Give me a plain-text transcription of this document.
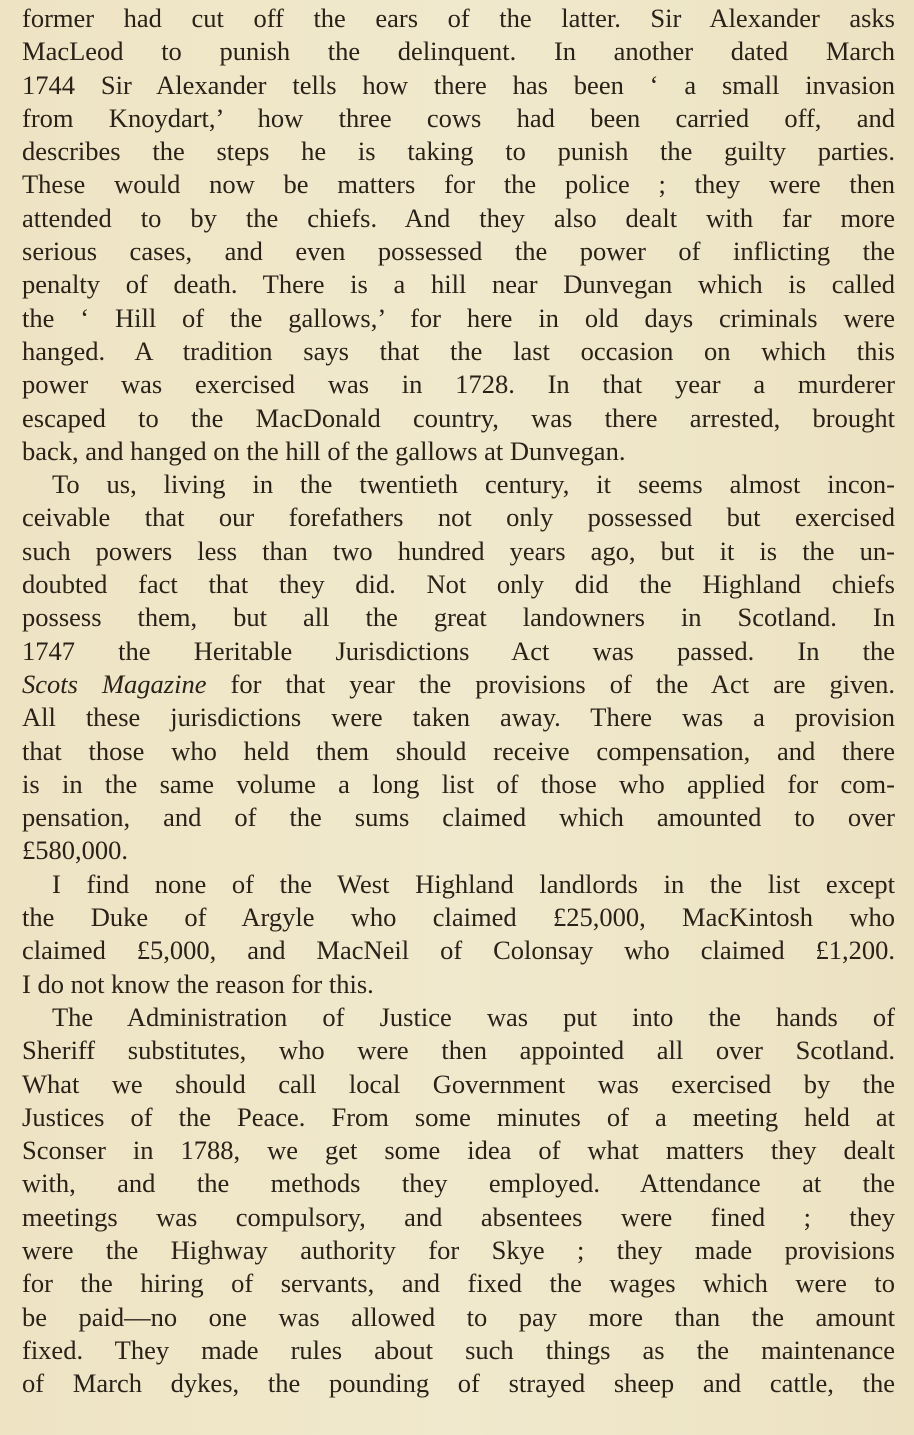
former had cut off the ears of the latter. Sir Alexander asks
MacLeod to punish the delinquent. In another dated March
1744 Sir Alexander tells how there has been ‘ a small invasion
from Knoydart,’ how three cows had been carried off, and
describes the steps he is taking to punish the guilty parties.
These would now be matters for the police ; they were then
attended to by the chiefs. And they also dealt with far more
serious cases, and even possessed the power of inflicting the
penalty of death. There is a hill near Dunvegan which is called
the ‘ Hill of the gallows,’ for here in old days criminals were
hanged. A tradition says that the last occasion on which this
power was exercised was in 1728. In that year a murderer
escaped to the MacDonald country, was there arrested, brought
back, and hanged on the hill of the gallows at Dunvegan.
To us, living in the twentieth century, it seems almost incon-
ceivable that our forefathers not only possessed but exercised
such powers less than two hundred years ago, but it is the un-
doubted fact that they did. Not only did the Highland chiefs
possess them, but all the great landowners in Scotland. In
1747 the Heritable Jurisdictions Act was passed. In the
Scots Magazine for that year the provisions of the Act are given.
All these jurisdictions were taken away. There was a provision
that those who held them should receive compensation, and there
is in the same volume a long list of those who applied for com-
pensation, and of the sums claimed which amounted to over
£580,000.
I find none of the West Highland landlords in the list except
the Duke of Argyle who claimed £25,000, MacKintosh who
claimed £5,000, and MacNeil of Colonsay who claimed £1,200.
I do not know the reason for this.
The Administration of Justice was put into the hands of
Sheriff substitutes, who were then appointed all over Scotland.
What we should call local Government was exercised by the
Justices of the Peace. From some minutes of a meeting held at
Sconser in 1788, we get some idea of what matters they dealt
with, and the methods they employed. Attendance at the
meetings was compulsory, and absentees were fined ; they
were the Highway authority for Skye ; they made provisions
for the hiring of servants, and fixed the wages which were to
be paid—no one was allowed to pay more than the amount
fixed. They made rules about such things as the maintenance
of March dykes, the pounding of strayed sheep and cattle, the
